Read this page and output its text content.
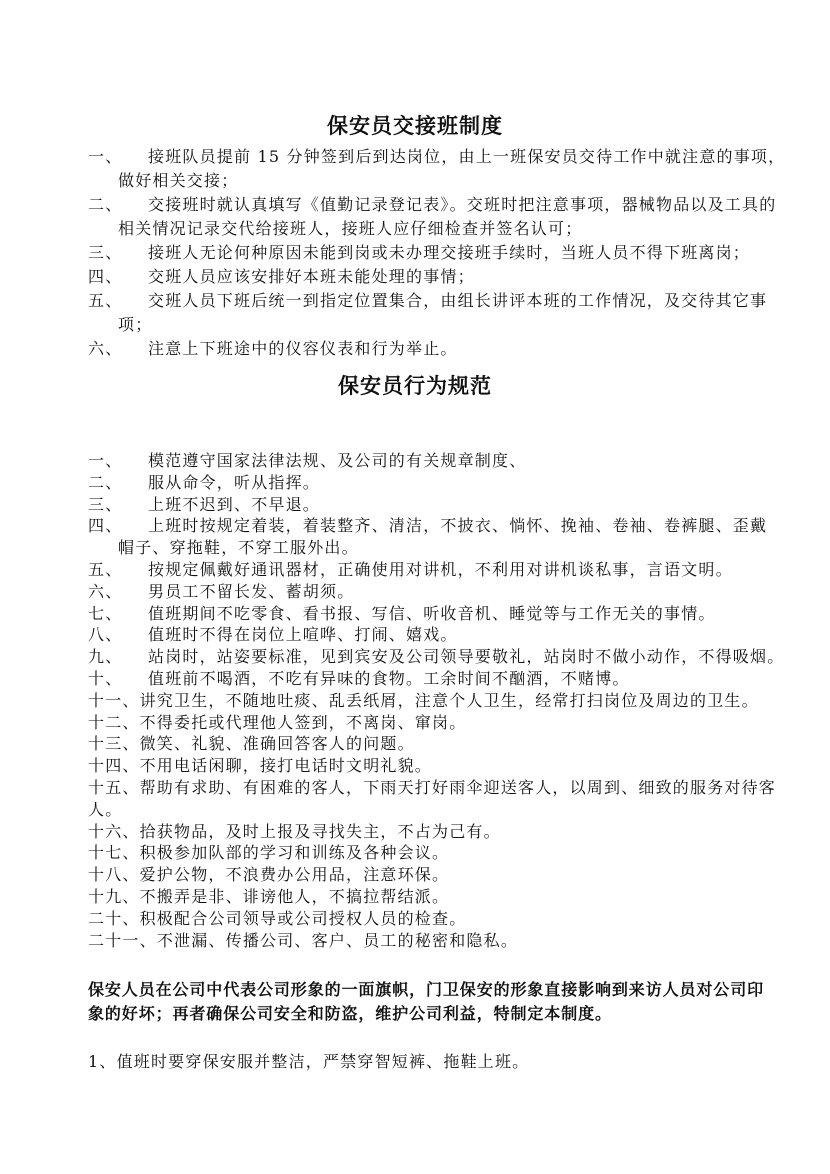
保安员交接班制度
一、 接班队员提前 15 分钟签到后到达岗位，由上一班保安员交待工作中就注意的事项，
做好相关交接；
二、 交接班时就认真填写《值勤记录登记表》。交班时把注意事项，器械物品以及工具的
相关情况记录交代给接班人，接班人应仔细检查并签名认可；
三、 接班人无论何种原因未能到岗或未办理交接班手续时，当班人员不得下班离岗；
四、 交班人员应该安排好本班未能处理的事情；
五、 交班人员下班后统一到指定位置集合，由组长讲评本班的工作情况，及交待其它事
项；
六、 注意上下班途中的仪容仪表和行为举止。
保安员行为规范
一、 模范遵守国家法律法规、及公司的有关规章制度、
二、 服从命令，听从指挥。
三、 上班不迟到、不早退。
四、 上班时按规定着装，着装整齐、清洁，不披衣、惝怀、挽袖、卷袖、卷裤腿、歪戴
帽子、穿拖鞋，不穿工服外出。
五、 按规定佩戴好通讯器材，正确使用对讲机，不利用对讲机谈私事，言语文明。
六、 男员工不留长发、蓄胡须。
七、 值班期间不吃零食、看书报、写信、听收音机、睡觉等与工作无关的事情。
八、 值班时不得在岗位上喧哗、打闹、嬉戏。
九、 站岗时，站姿要标准，见到宾安及公司领导要敬礼，站岗时不做小动作，不得吸烟。
十、 值班前不喝酒，不吃有异味的食物。工余时间不酗酒，不赌博。
十一、讲究卫生，不随地吐痰、乱丢纸屑，注意个人卫生，经常打扫岗位及周边的卫生。
十二、不得委托或代理他人签到，不离岗、窜岗。
十三、微笑、礼貌、准确回答客人的问题。
十四、不用电话闲聊，接打电话时文明礼貌。
十五、帮助有求助、有困难的客人，下雨天打好雨伞迎送客人，以周到、细致的服务对待客
人。
十六、拾获物品，及时上报及寻找失主，不占为己有。
十七、积极参加队部的学习和训练及各种会议。
十八、爱护公物，不浪费办公用品，注意环保。
十九、不搬弄是非、诽谤他人，不搞拉帮结派。
二十、积极配合公司领导或公司授权人员的检查。
二十一、不泄漏、传播公司、客户、员工的秘密和隐私。
保安人员在公司中代表公司形象的一面旗帜，门卫保安的形象直接影响到来访人员对公司印
象的好坏；再者确保公司安全和防盗，维护公司利益，特制定本制度。
1、值班时要穿保安服并整洁，严禁穿智短裤、拖鞋上班。
